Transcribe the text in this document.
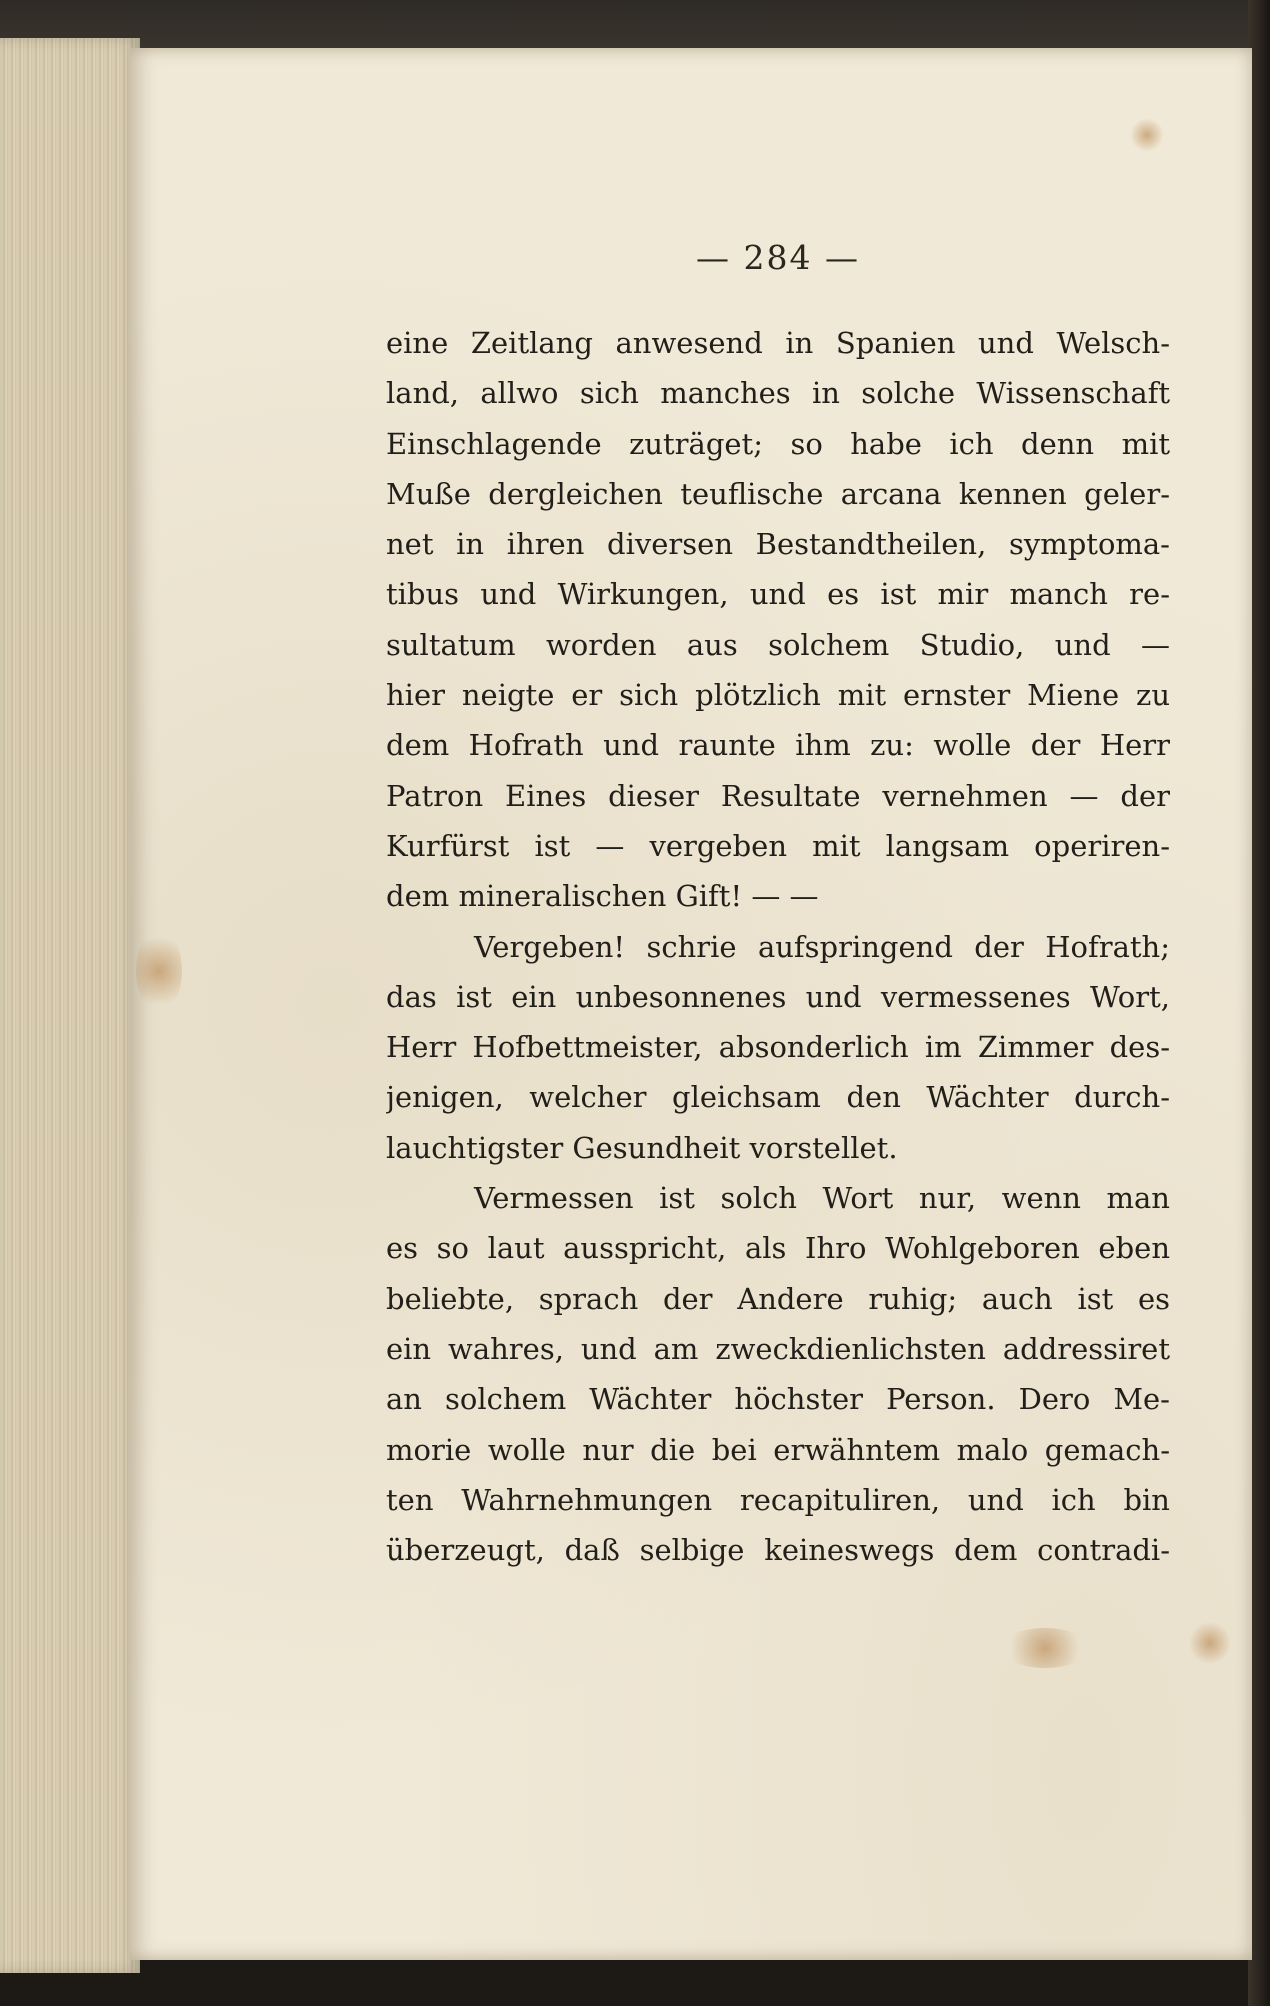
— 284 —
eine Zeitlang anwesend in Spanien und Welsch-
land, allwo sich manches in solche Wissenschaft
Einschlagende zuträget; so habe ich denn mit
Muße dergleichen teuflische arcana kennen geler-
net in ihren diversen Bestandtheilen, symptoma-
tibus und Wirkungen, und es ist mir manch re-
sultatum worden aus solchem Studio, und —
hier neigte er sich plötzlich mit ernster Miene zu
dem Hofrath und raunte ihm zu: wolle der Herr
Patron Eines dieser Resultate vernehmen — der
Kurfürst ist — vergeben mit langsam operiren-
dem mineralischen Gift! — —
Vergeben! schrie aufspringend der Hofrath;
das ist ein unbesonnenes und vermessenes Wort,
Herr Hofbettmeister, absonderlich im Zimmer des-
jenigen, welcher gleichsam den Wächter durch-
lauchtigster Gesundheit vorstellet.
Vermessen ist solch Wort nur, wenn man
es so laut ausspricht, als Ihro Wohlgeboren eben
beliebte, sprach der Andere ruhig; auch ist es
ein wahres, und am zweckdienlichsten addressiret
an solchem Wächter höchster Person. Dero Me-
morie wolle nur die bei erwähntem malo gemach-
ten Wahrnehmungen recapituliren, und ich bin
überzeugt, daß selbige keineswegs dem contradi-
